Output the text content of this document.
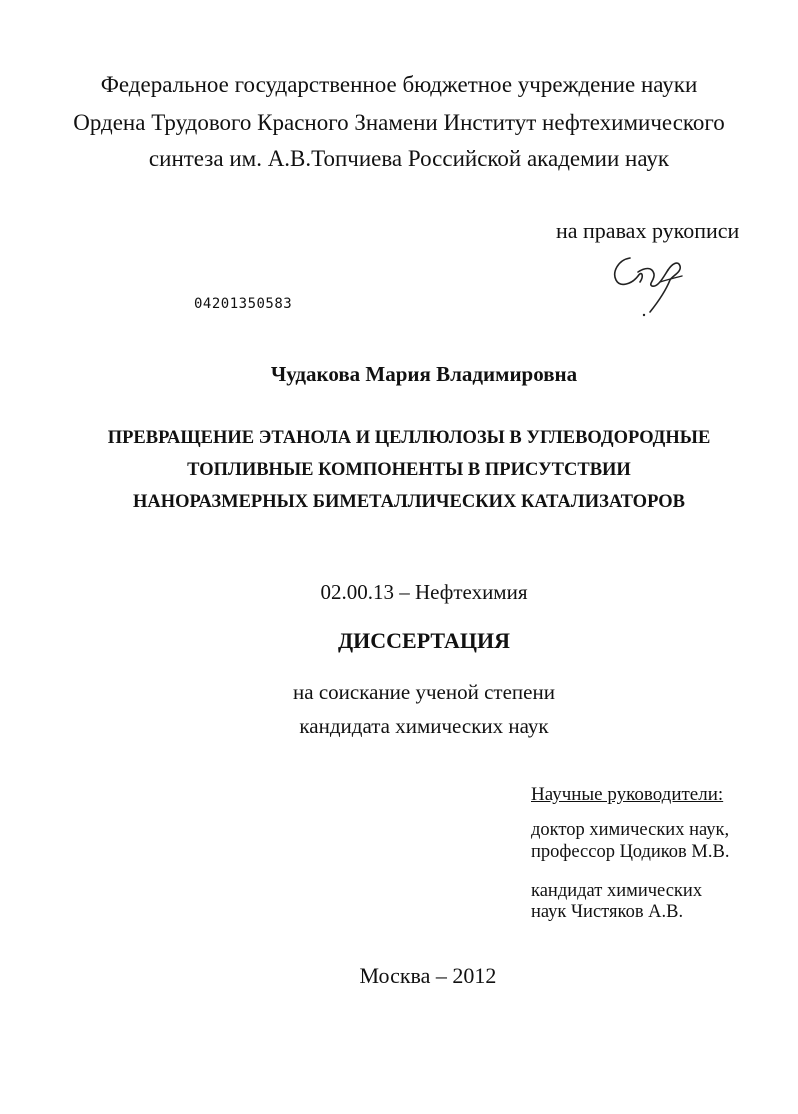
Федеральное государственное бюджетное учреждение науки
Ордена Трудового Красного Знамени Институт нефтехимического
синтеза им. А.В.Топчиева Российской академии наук
на правах рукописи
04201350583
Чудакова Мария Владимировна
ПРЕВРАЩЕНИЕ ЭТАНОЛА И ЦЕЛЛЮЛОЗЫ В УГЛЕВОДОРОДНЫЕ
ТОПЛИВНЫЕ КОМПОНЕНТЫ В ПРИСУТСТВИИ
НАНОРАЗМЕРНЫХ БИМЕТАЛЛИЧЕСКИХ КАТАЛИЗАТОРОВ
02.00.13 – Нефтехимия
ДИССЕРТАЦИЯ
на соискание ученой степени
кандидата химических наук
Научные руководители:
доктор химических наук,
профессор Цодиков М.В.
кандидат химических
наук Чистяков А.В.
Москва – 2012
